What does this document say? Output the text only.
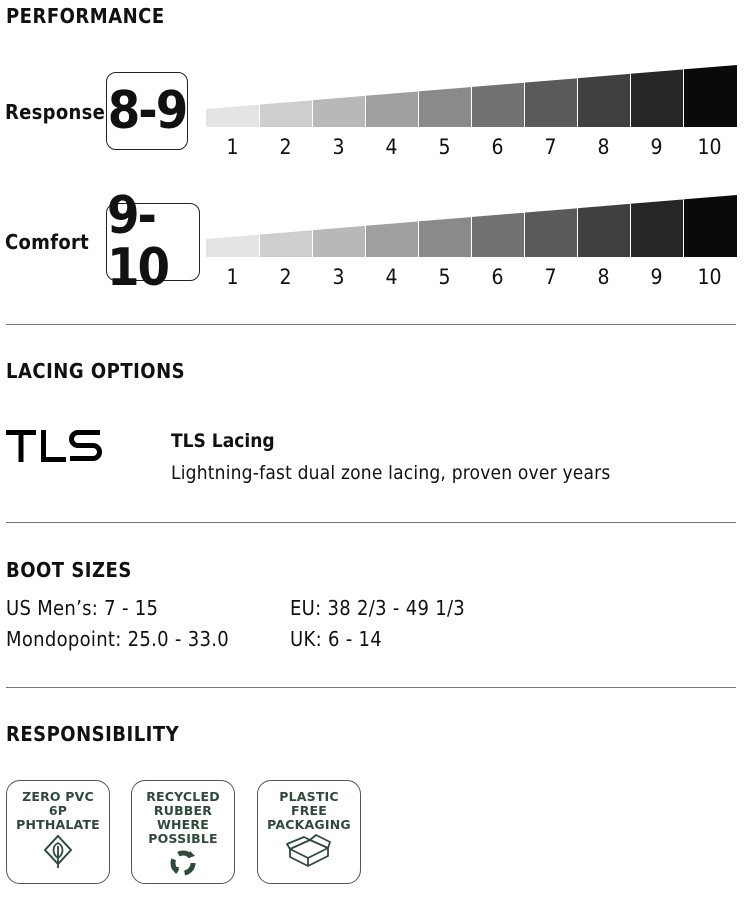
PERFORMANCE
Response 8-9
1	2	3	4	5	6	7	8	9	10
Comfort 9-10	1	2	3	4	5	6	7	8	9	10
LACING OPTIONS
TLS Lacing
Lightning-fast dual zone lacing, proven over years
BOOT SIZES
US Men’s: 7 - 15	EU: 38 2/3 - 49 1/3
Mondopoint: 25.0 - 33.0	UK: 6 - 14
RESPONSIBILITY
ZERO PVC
6P
PHTHALATE
RECYCLED
RUBBER
WHERE
POSSIBLE
PLASTIC
FREE
PACKAGING
